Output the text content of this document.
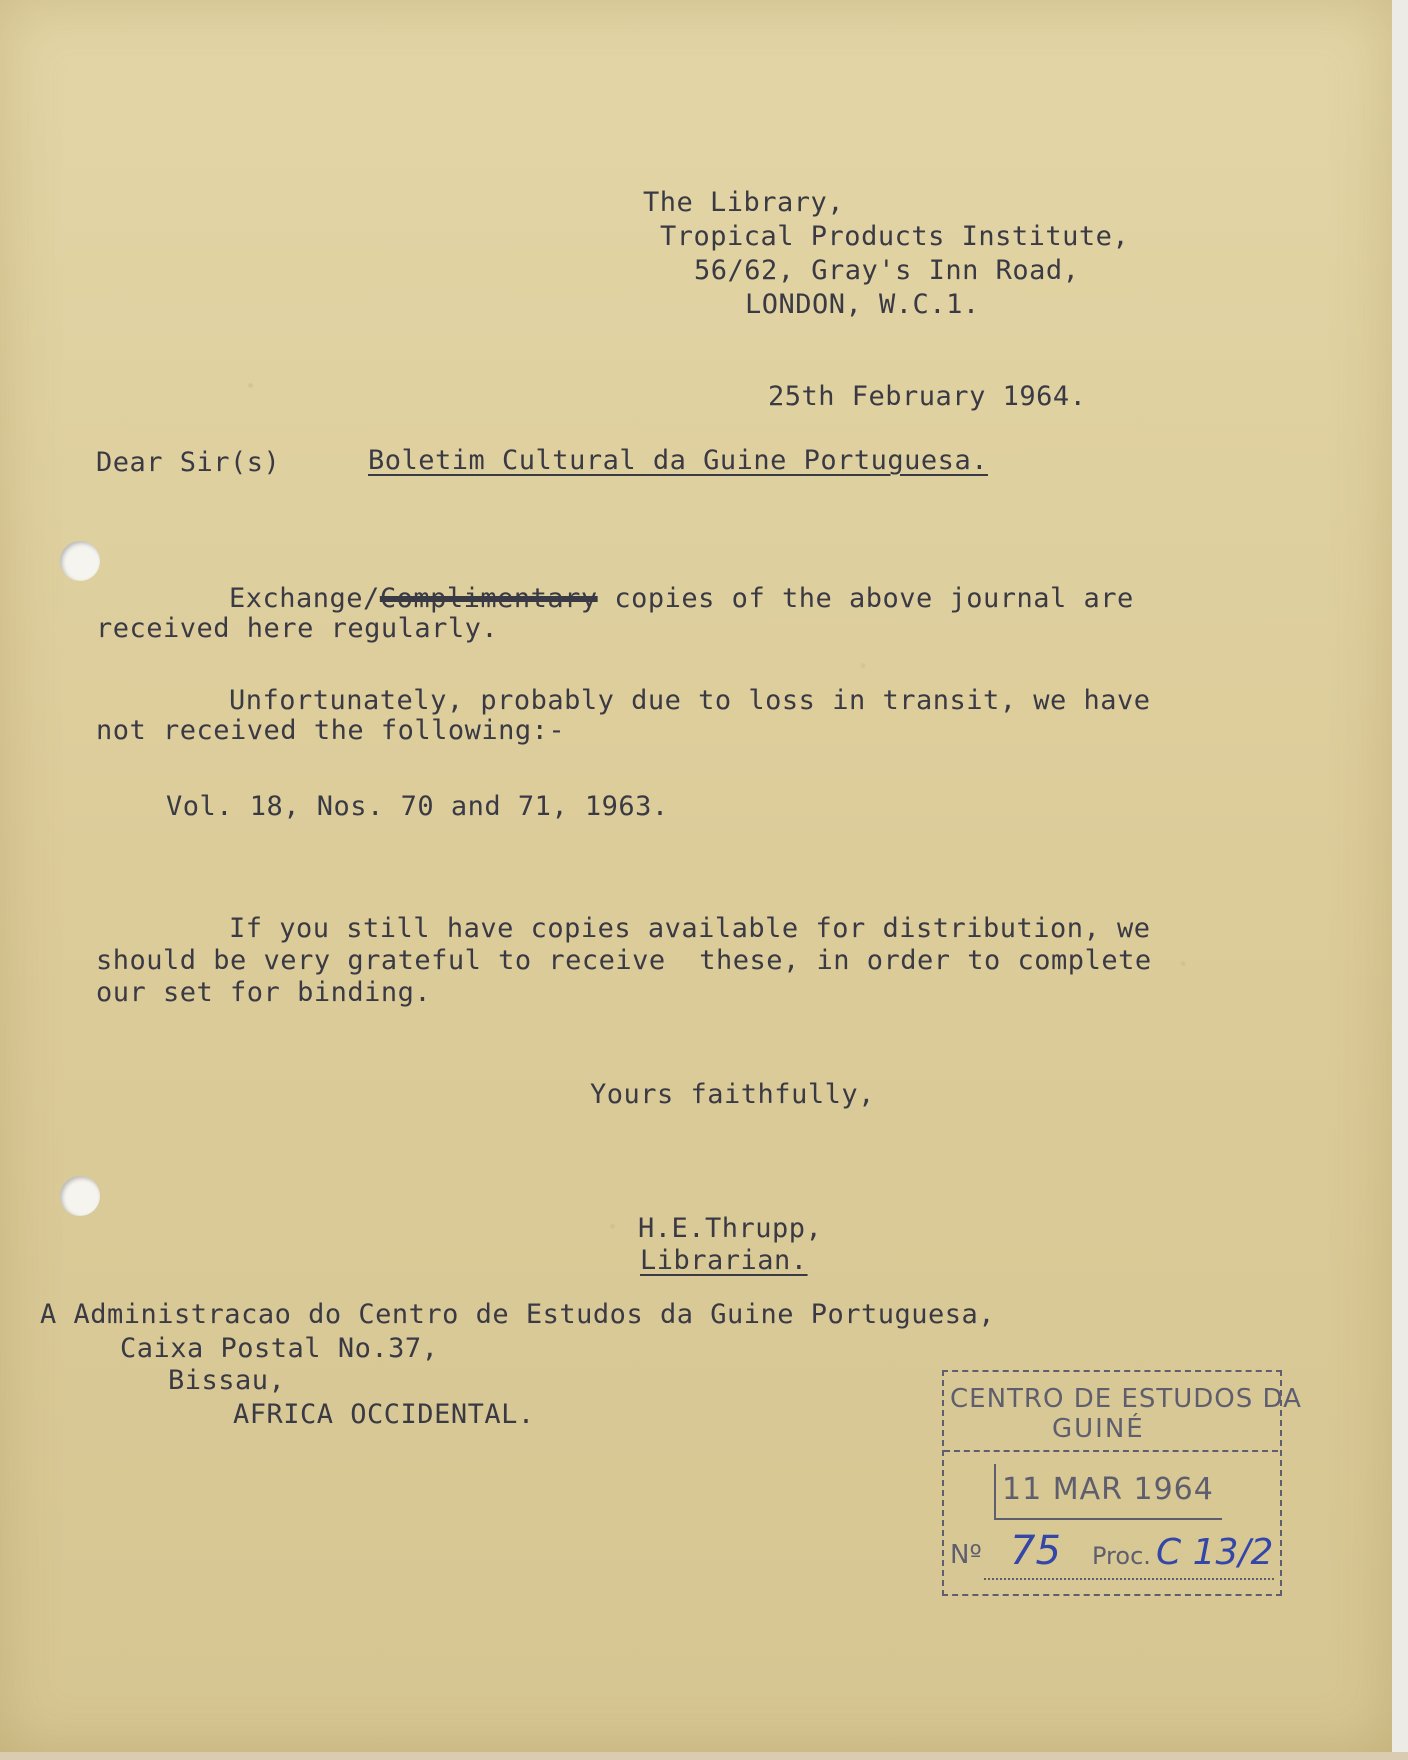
The Library,
Tropical Products Institute,
56/62, Gray's Inn Road,
LONDON, W.C.1.
25th February 1964.
Dear Sir(s)	Boletim Cultural da Guine Portuguesa.
Exchange/Complimentary copies of the above journal are
received here regularly.
Unfortunately, probably due to loss in transit, we have
not received the following:-
Vol. 18, Nos. 70 and 71, 1963.
If you still have copies available for distribution, we
should be very grateful to receive  these, in order to complete
our set for binding.
Yours faithfully,
H.E.Thrupp,
Librarian.
A Administracao do Centro de Estudos da Guine Portuguesa,
Caixa Postal No.37,
Bissau,
AFRICA OCCIDENTAL.	CENTRO DE ESTUDOS DA
GUINÉ
11 MAR 1964
Nº 75 Proc. C 13/2
